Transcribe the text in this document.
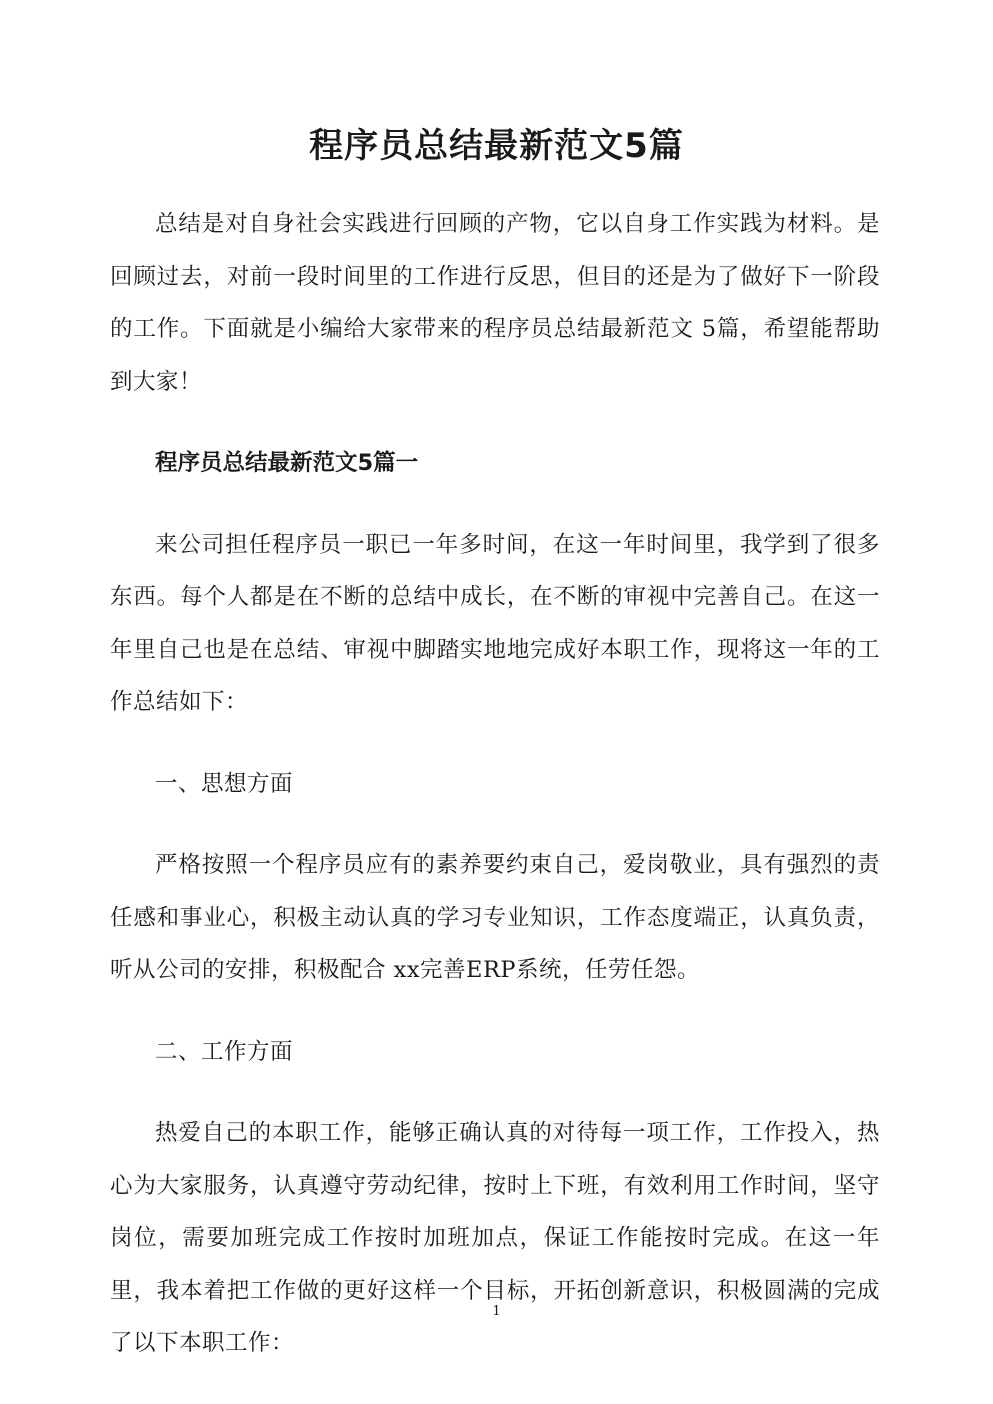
程序员总结最新范文5篇

总结是对自身社会实践进行回顾的产物，它以自身工作实践为材料。是回顾过去，对前一段时间里的工作进行反思，但目的还是为了做好下一阶段的工作。下面就是小编给大家带来的程序员总结最新范文 5篇，希望能帮助到大家！

程序员总结最新范文5篇一

来公司担任程序员一职已一年多时间，在这一年时间里，我学到了很多东西。每个人都是在不断的总结中成长，在不断的审视中完善自己。在这一年里自己也是在总结、审视中脚踏实地地完成好本职工作，现将这一年的工作总结如下：

一、思想方面

严格按照一个程序员应有的素养要约束自己，爱岗敬业，具有强烈的责任感和事业心，积极主动认真的学习专业知识，工作态度端正，认真负责，听从公司的安排，积极配合 xx完善ERP系统，任劳任怨。

二、工作方面

热爱自己的本职工作，能够正确认真的对待每一项工作，工作投入，热心为大家服务，认真遵守劳动纪律，按时上下班，有效利用工作时间，坚守岗位，需要加班完成工作按时加班加点，保证工作能按时完成。在这一年里，我本着把工作做的更好这样一个目标，开拓创新意识，积极圆满的完成了以下本职工作：

1
